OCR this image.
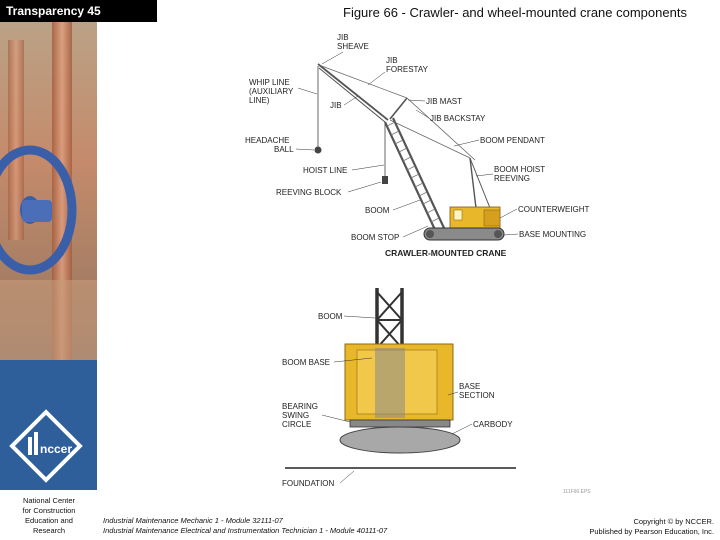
nccer
Transparency 45	Figure 66 - Crawler- and wheel-mounted crane components
JIB
SHEAVE
WHIP LINE
(AUXILIARY
LINE)
JIB
FORESTAY
JIB	JIB MAST
JIB BACKSTAY
HEADACHE
BALL
BOOM PENDANT
HOIST LINE	BOOM HOIST
REEVING
REEVING BLOCK
BOOM	COUNTERWEIGHT
BOOM STOP	BASE MOUNTING
CRAWLER-MOUNTED CRANE
BOOM
BOOM BASE
BASE
SECTION
BEARING
SWING
CIRCLE	CARBODY
FOUNDATION
111F66.EPS
National Center
for Construction
Education and
Research
Industrial Maintenance Mechanic 1 - Module 32111-07
Industrial Maintenance Electrical and Instrumentation Technician 1 - Module 40111-07
Copyright © by NCCER.
Published by Pearson Education, Inc.
